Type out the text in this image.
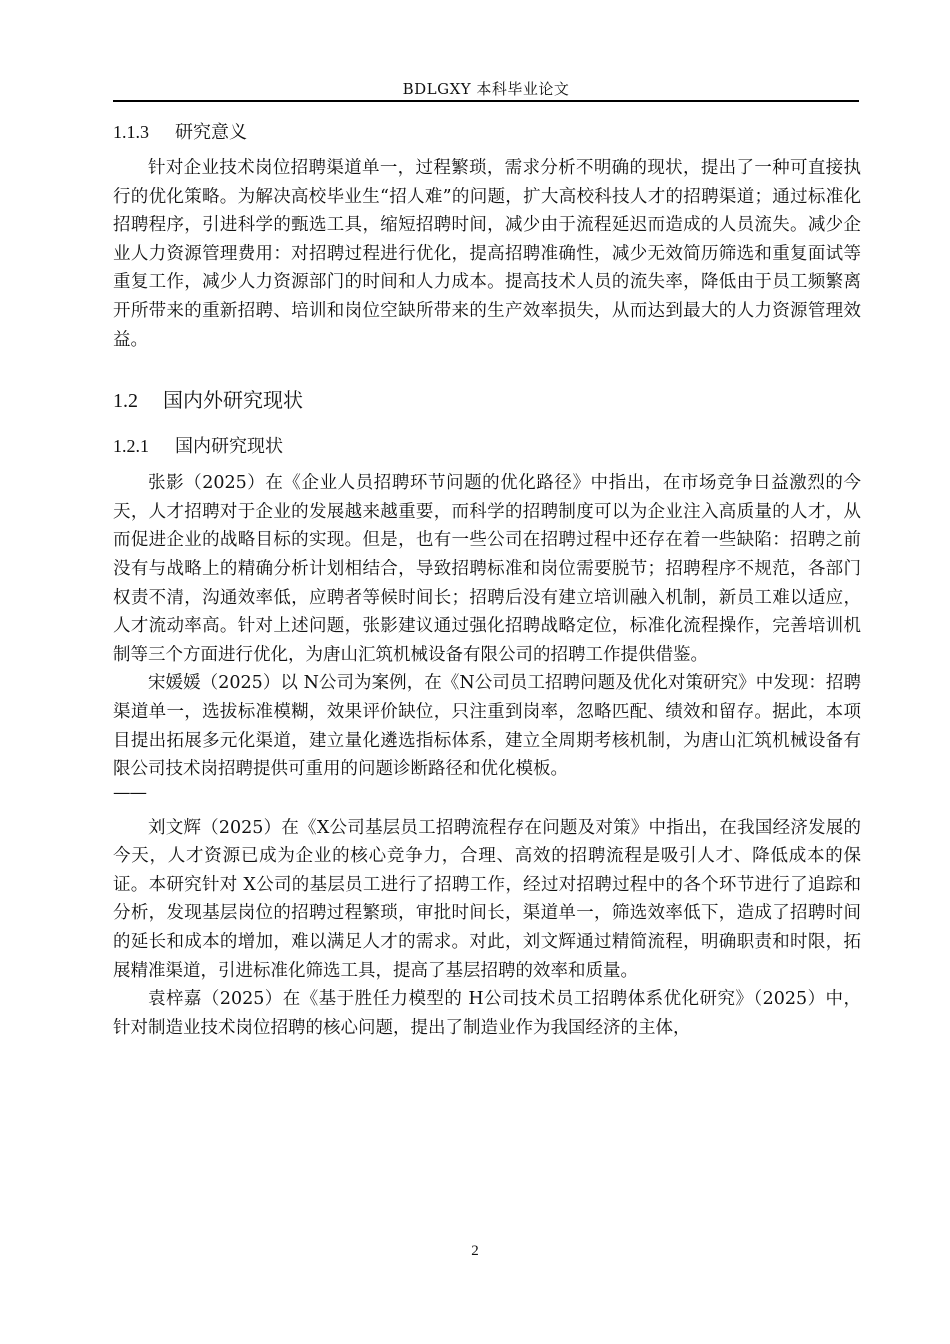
BDLGXY 本科毕业论文
1.1.3 研究意义

针对企业技术岗位招聘渠道单一，过程繁琐，需求分析不明确的现状，提出了一种可直接执行的优化策略。为解决高校毕业生“招人难”的问题，扩大高校科技人才的招聘渠道；通过标准化招聘程序，引进科学的甄选工具，缩短招聘时间，减少由于流程延迟而造成的人员流失。减少企业人力资源管理费用：对招聘过程进行优化，提高招聘准确性，减少无效简历筛选和重复面试等重复工作，减少人力资源部门的时间和人力成本。提高技术人员的流失率，降低由于员工频繁离开所带来的重新招聘、培训和岗位空缺所带来的生产效率损失，从而达到最大的人力资源管理效益。

1.2 国内外研究现状
1.2.1 国内研究现状

张影（2025）在《企业人员招聘环节问题的优化路径》中指出，在市场竞争日益激烈的今天，人才招聘对于企业的发展越来越重要，而科学的招聘制度可以为企业注入高质量的人才，从而促进企业的战略目标的实现。但是，也有一些公司在招聘过程中还存在着一些缺陷：招聘之前没有与战略上的精确分析计划相结合，导致招聘标准和岗位需要脱节；招聘程序不规范，各部门权责不清，沟通效率低，应聘者等候时间长；招聘后没有建立培训融入机制，新员工难以适应，人才流动率高。针对上述问题，张影建议通过强化招聘战略定位，标准化流程操作，完善培训机制等三个方面进行优化，为唐山汇筑机械设备有限公司的招聘工作提供借鉴。

宋媛媛（2025）以 N公司为案例，在《N公司员工招聘问题及优化对策研究》中发现：招聘渠道单一，选拔标准模糊，效果评价缺位，只注重到岗率，忽略匹配、绩效和留存。据此，本项目提出拓展多元化渠道，建立量化遴选指标体系，建立全周期考核机制，为唐山汇筑机械设备有限公司技术岗招聘提供可重用的问题诊断路径和优化模板。

——

刘文辉（2025）在《X公司基层员工招聘流程存在问题及对策》中指出，在我国经济发展的今天，人才资源已成为企业的核心竞争力，合理、高效的招聘流程是吸引人才、降低成本的保证。本研究针对 X公司的基层员工进行了招聘工作，经过对招聘过程中的各个环节进行了追踪和分析，发现基层岗位的招聘过程繁琐，审批时间长，渠道单一，筛选效率低下，造成了招聘时间的延长和成本的增加，难以满足人才的需求。对此，刘文辉通过精简流程，明确职责和时限，拓展精准渠道，引进标准化筛选工具，提高了基层招聘的效率和质量。

袁梓嘉（2025）在《基于胜任力模型的 H公司技术员工招聘体系优化研究》（2025）中，针对制造业技术岗位招聘的核心问题，提出了制造业作为我国经济的主体，

2
